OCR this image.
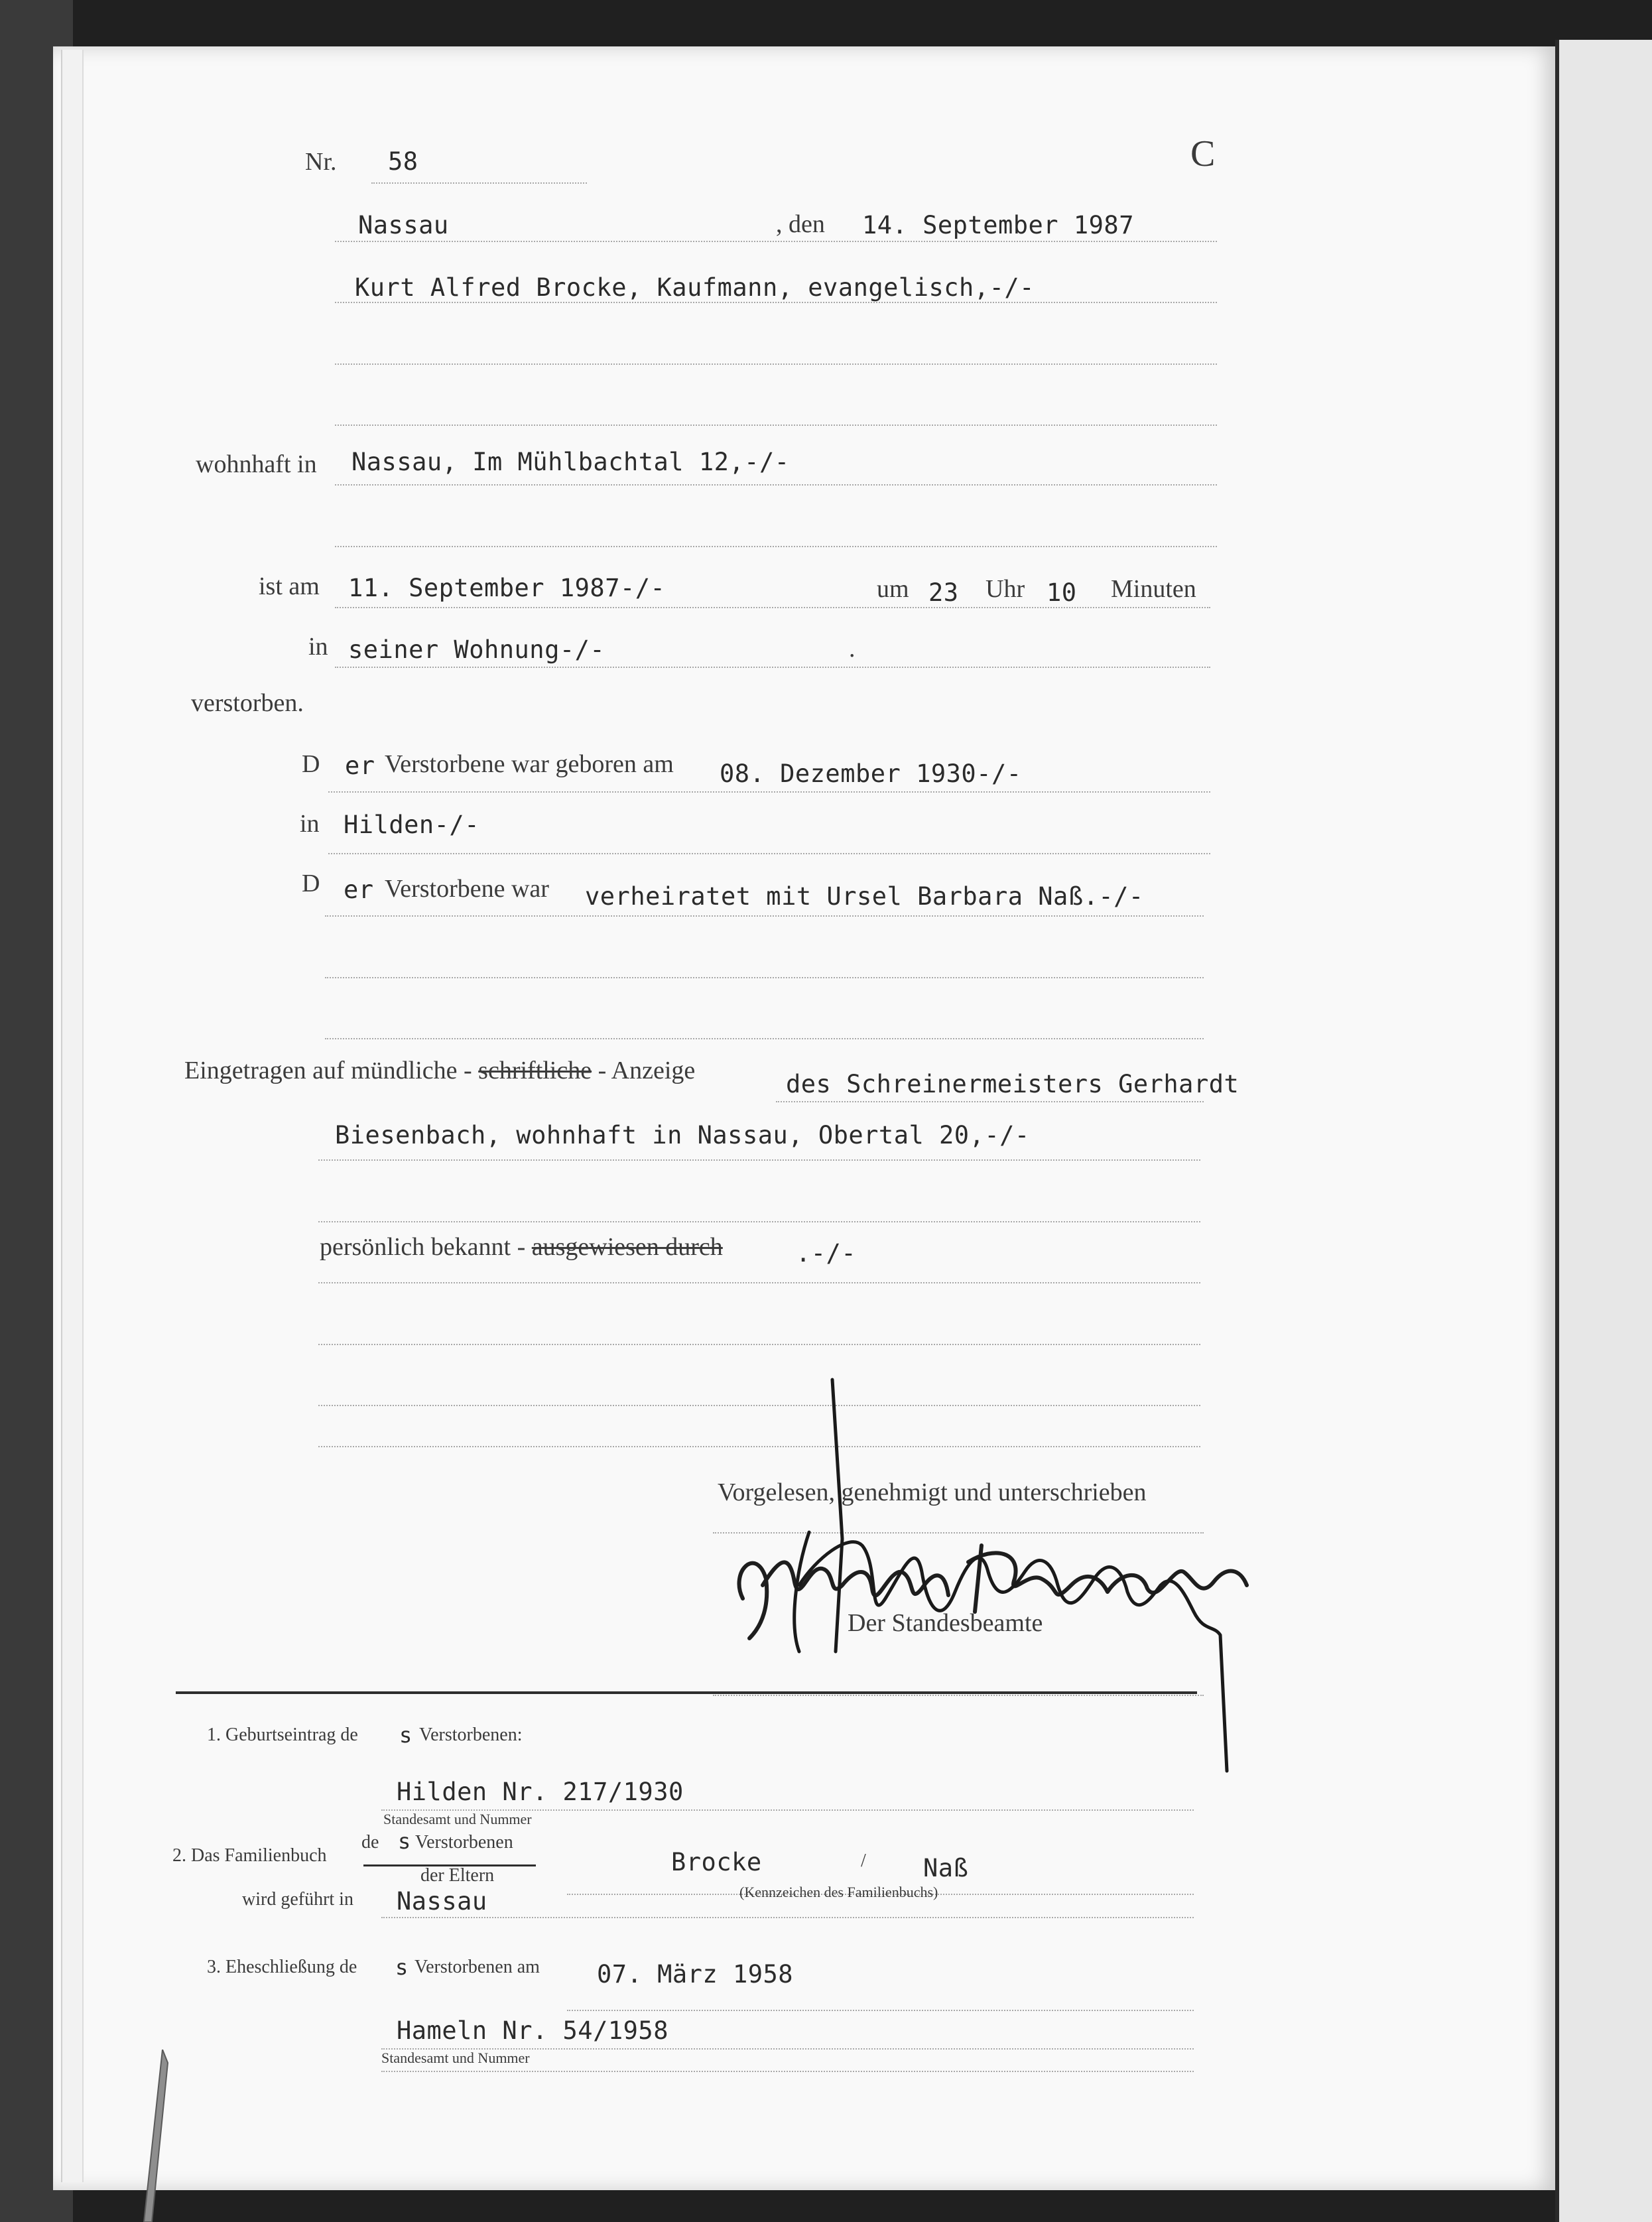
Nr. 58	C
Nassau	, den 14. September 1987
Kurt Alfred Brocke, Kaufmann, evangelisch,-/-
wohnhaft in Nassau, Im Mühlbachtal 12,-/-
ist am 11. September 1987-/-	um 23 Uhr 10 Minuten
in seiner Wohnung-/-	.
verstorben.
D er Verstorbene war geboren am 08. Dezember 1930-/-
in Hilden-/-
D er Verstorbene war verheiratet mit Ursel Barbara Naß.-/-
Eingetragen auf mündliche - schriftliche - Anzeige	des Schreinermeisters Gerhardt
Biesenbach, wohnhaft in Nassau, Obertal 20,-/-
persönlich bekannt - ausgewiesen durch	.-/-
Vorgelesen, genehmigt und unterschrieben
Der Standesbeamte
1. Geburtseintrag de s Verstorbenen:
Hilden Nr. 217/1930
Standesamt und Nummer
2. Das Familienbuch
de s Verstorbenen
der Eltern
wird geführt in Nassau
Brocke	/ Naß
(Kennzeichen des Familienbuchs)
3. Eheschließung de s Verstorbenen am 07. März 1958
Hameln Nr. 54/1958
Standesamt und Nummer
